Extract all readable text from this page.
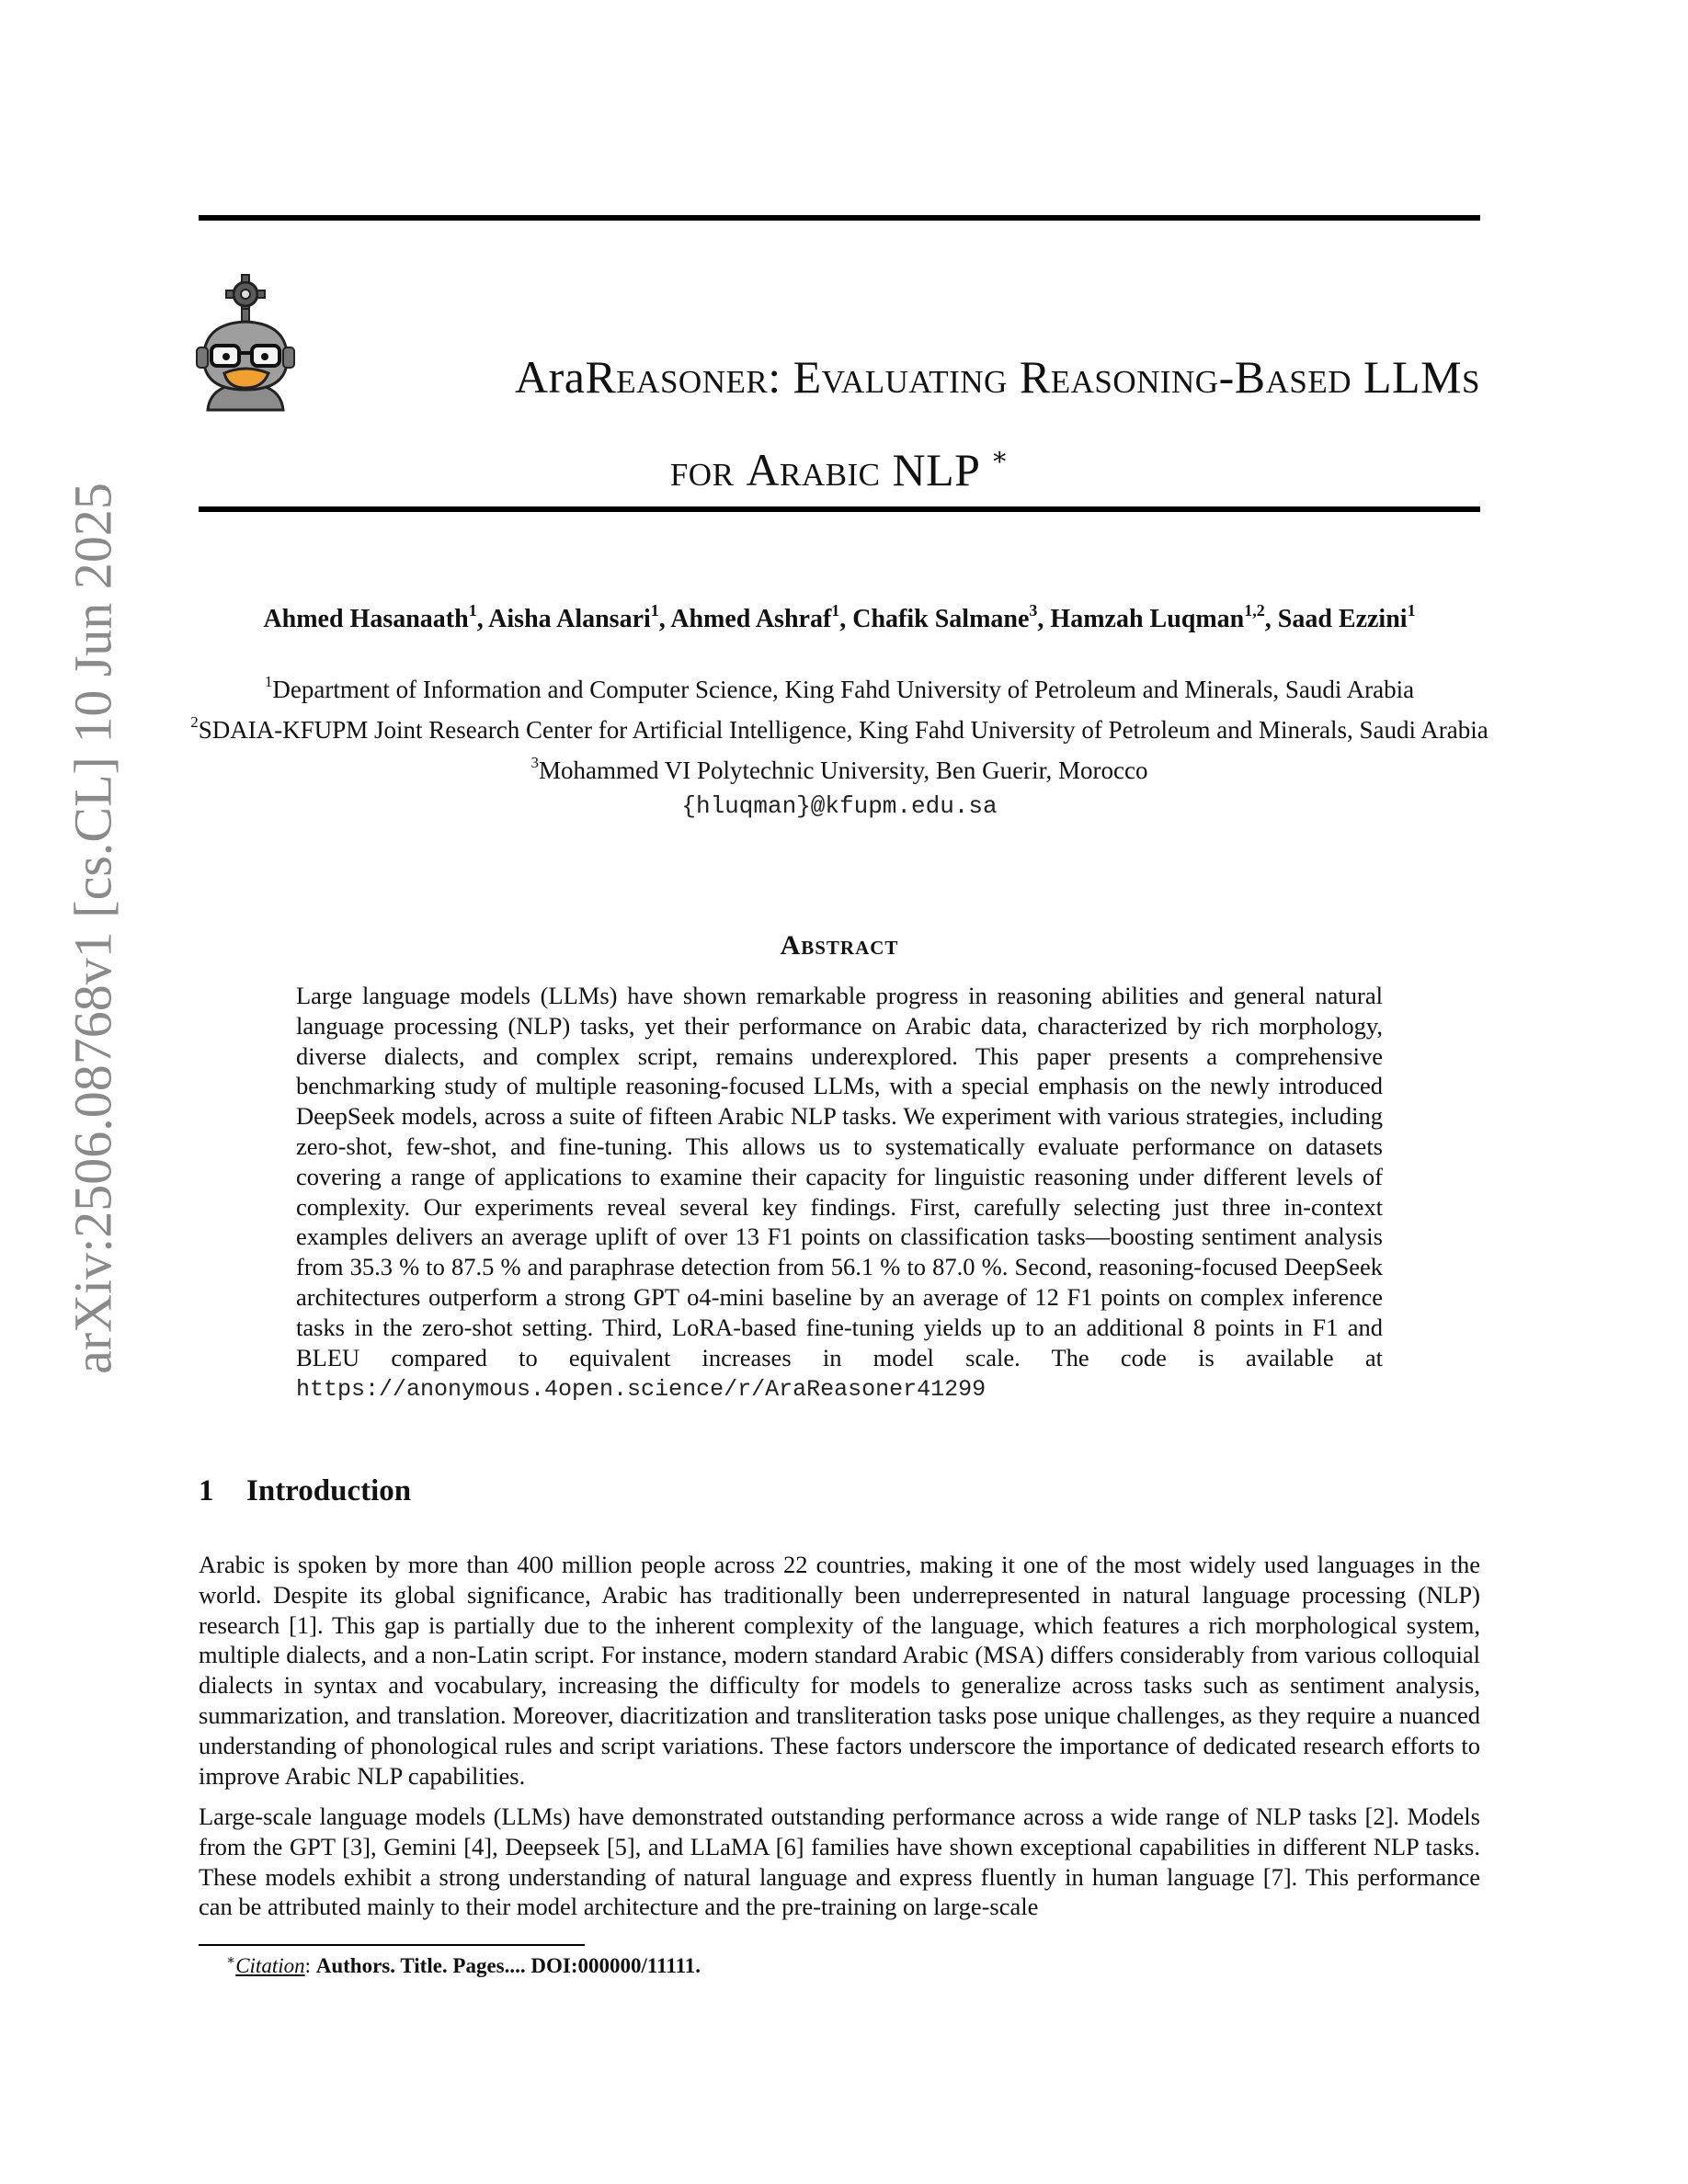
arXiv:2506.08768v1 [cs.CL] 10 Jun 2025
AraReasoner: Evaluating Reasoning-Based LLMs
for Arabic NLP ∗

Ahmed Hasanaath$^1$, Aisha Alansari$^1$, Ahmed Ashraf$^1$, Chafik Salmane$^3$, Hamzah Luqman$^{1,2}$, Saad Ezzini$^1$

$^1$Department of Information and Computer Science, King Fahd University of Petroleum and Minerals, Saudi Arabia
$^2$SDAIA-KFUPM Joint Research Center for Artificial Intelligence, King Fahd University of Petroleum and Minerals, Saudi Arabia
$^3$Mohammed VI Polytechnic University, Ben Guerir, Morocco
{hluqman}@kfupm.edu.sa
Abstract

Large language models (LLMs) have shown remarkable progress in reasoning abilities and general natural language processing (NLP) tasks, yet their performance on Arabic data, characterized by rich morphology, diverse dialects, and complex script, remains underexplored. This paper presents a comprehensive benchmarking study of multiple reasoning-focused LLMs, with a special emphasis on the newly introduced DeepSeek models, across a suite of fifteen Arabic NLP tasks. We experiment with various strategies, including zero-shot, few-shot, and fine-tuning. This allows us to systematically evaluate performance on datasets covering a range of applications to examine their capacity for linguistic reasoning under different levels of complexity. Our experiments reveal several key findings. First, carefully selecting just three in-context examples delivers an average uplift of over 13 F1 points on classification tasks—boosting sentiment analysis from 35.3 % to 87.5 % and paraphrase detection from 56.1 % to 87.0 %. Second, reasoning-focused DeepSeek architectures outperform a strong GPT o4-mini baseline by an average of 12 F1 points on complex inference tasks in the zero-shot setting. Third, LoRA-based fine-tuning yields up to an additional 8 points in F1 and BLEU compared to equivalent increases in model scale. The code is available at https://anonymous.4open.science/r/AraReasoner41299

1 Introduction

Arabic is spoken by more than 400 million people across 22 countries, making it one of the most widely used languages in the world. Despite its global significance, Arabic has traditionally been underrepresented in natural language processing (NLP) research [1]. This gap is partially due to the inherent complexity of the language, which features a rich morphological system, multiple dialects, and a non-Latin script. For instance, modern standard Arabic (MSA) differs considerably from various colloquial dialects in syntax and vocabulary, increasing the difficulty for models to generalize across tasks such as sentiment analysis, summarization, and translation. Moreover, diacritization and transliteration tasks pose unique challenges, as they require a nuanced understanding of phonological rules and script variations. These factors underscore the importance of dedicated research efforts to improve Arabic NLP capabilities.

Large-scale language models (LLMs) have demonstrated outstanding performance across a wide range of NLP tasks [2]. Models from the GPT [3], Gemini [4], Deepseek [5], and LLaMA [6] families have shown exceptional capabilities in different NLP tasks. These models exhibit a strong understanding of natural language and express fluently in human language [7]. This performance can be attributed mainly to their model architecture and the pre-training on large-scale

∗Citation: Authors. Title. Pages.... DOI:000000/11111.
